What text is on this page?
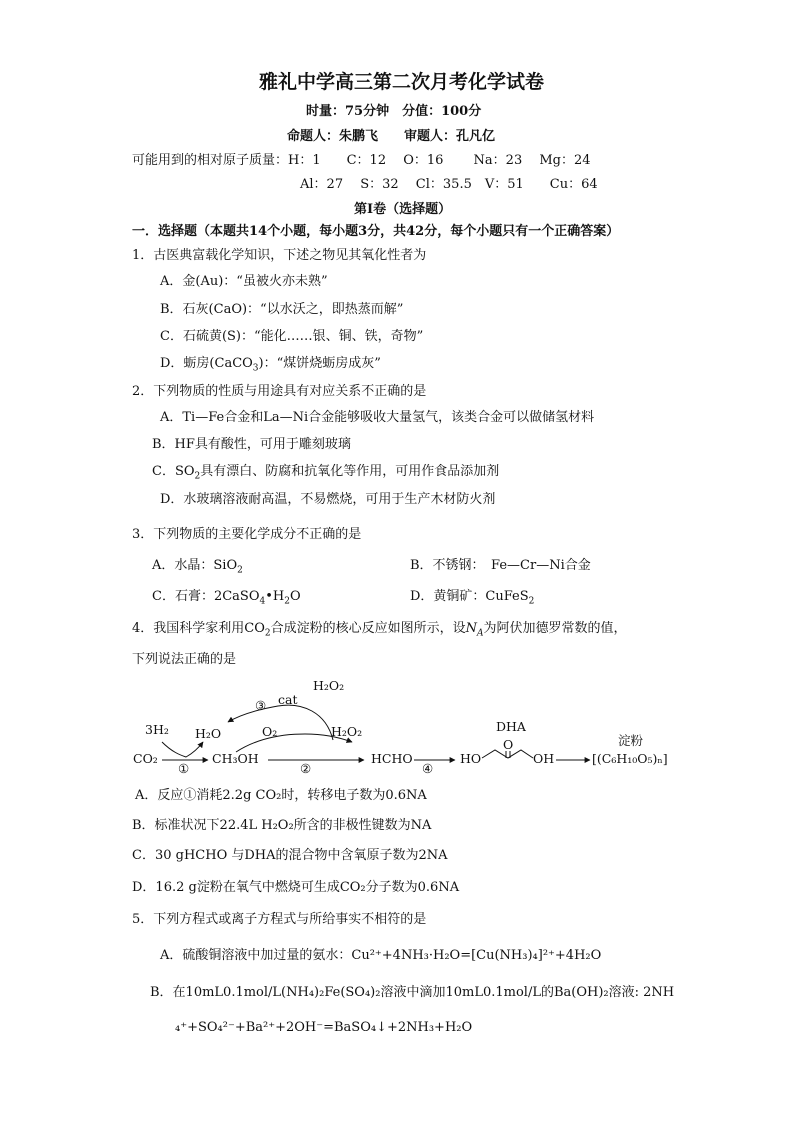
雅礼中学高三第二次月考化学试卷
时量：75分钟　分值：100分
命题人：朱鹏飞　　审题人：孔凡亿
可能用到的相对原子质量：H：1　　C：12　 O：16　　 Na：23　 Mg：24
Al：27　 S：32　 Cl：35.5　V：51　　Cu：64
第Ⅰ卷（选择题）
一．选择题（本题共14个小题，每小题3分，共42分，每个小题只有一个正确答案）
1．古医典富载化学知识，下述之物见其氧化性者为
A．金(Au)：“虽被火亦未熟”
B．石灰(CaO)：“以水沃之，即热蒸而解”
C．石硫黄(S)：“能化……银、铜、铁，奇物”
D．蛎房(CaCO$_3$)：“煤饼烧蛎房成灰”
2．下列物质的性质与用途具有对应关系不正确的是
A．Ti—Fe合金和La—Ni合金能够吸收大量氢气，该类合金可以做储氢材料
B．HF具有酸性，可用于雕刻玻璃
C．$SO_2$具有漂白、防腐和抗氧化等作用，可用作食品添加剂
D．水玻璃溶液耐高温，不易燃烧，可用于生产木材防火剂
3．下列物质的主要化学成分不正确的是
A．水晶：SiO$_2$	B．不锈钢：　Fe—Cr—Ni合金
C．石膏：$2CaSO_4•H_2O$	D．黄铜矿：CuFeS$_2$
4．我国科学家利用$CO_2$合成淀粉的核心反应如图所示，设$N_A$为阿伏加德罗常数的值，
下列说法正确的是
H₂O₂
cat
③
3H₂ H₂O	O₂	H₂O₂
CO₂
①
CH₃OH
②
HCHO
④
DHA
HO
O
OH
淀粉
[(C₆H₁₀O₅)ₙ]
A．反应①消耗2.2g CO₂时，转移电子数为0.6NA
B．标准状况下22.4L H₂O₂所含的非极性键数为NA
C．30 gHCHO 与DHA的混合物中含氧原子数为2NA
D．16.2 g淀粉在氧气中燃烧可生成CO₂分子数为0.6NA
5．下列方程式或离子方程式与所给事实不相符的是
A．硫酸铜溶液中加过量的氨水：Cu²⁺+4NH₃·H₂O=[Cu(NH₃)₄]²⁺+4H₂O
B．在10mL0.1mol/L(NH₄)₂Fe(SO₄)₂溶液中滴加10mL0.1mol/L的Ba(OH)₂溶液: 2NH
₄⁺+SO₄²⁻+Ba²⁺+2OH⁻=BaSO₄↓+2NH₃+H₂O
